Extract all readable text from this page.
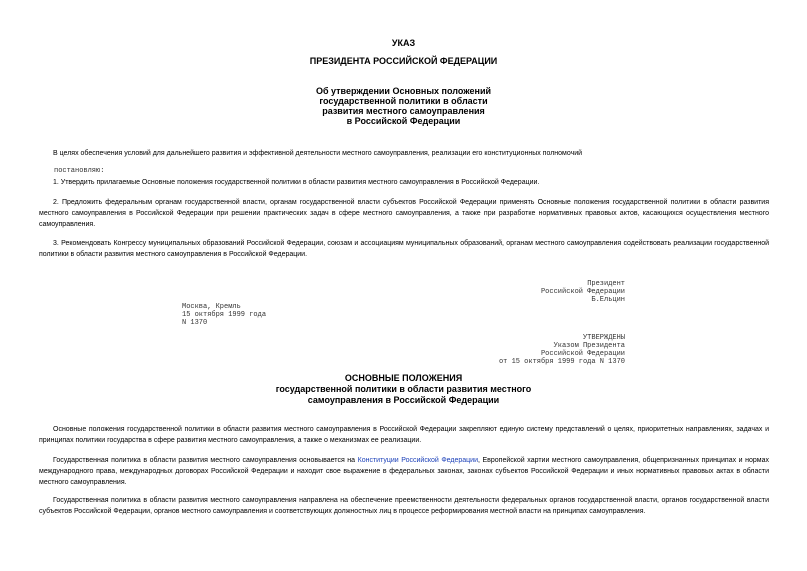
УКАЗ
ПРЕЗИДЕНТА РОССИЙСКОЙ ФЕДЕРАЦИИ
Об утверждении Основных положений
государственной политики в области
развития местного самоуправления
в Российской Федерации
В целях обеспечения условий для дальнейшего развития и эффективной деятельности местного самоуправления, реализации его конституционных полномочий
постановляю:
1. Утвердить прилагаемые Основные положения государственной политики в области развития местного самоуправления в Российской Федерации.
2. Предложить федеральным органам государственной власти, органам государственной власти субъектов Российской Федерации применять Основные положения государственной политики в области развития местного самоуправления в Российской Федерации при решении практических задач в сфере местного самоуправления, а также при разработке нормативных правовых актов, касающихся осуществления местного самоуправления.
3. Рекомендовать Конгрессу муниципальных образований Российской Федерации, союзам и ассоциациям муниципальных образований, органам местного самоуправления содействовать реализации государственной политики в области развития местного самоуправления в Российской Федерации.
Президент
Российской Федерации
Б.Ельцин
Москва, Кремль
15 октября 1999 года
N 1370
УТВЕРЖДЕНЫ
Указом Президента
Российской Федерации
от 15 октября 1999 года N 1370
ОСНОВНЫЕ ПОЛОЖЕНИЯ
государственной политики в области развития местного
самоуправления в Российской Федерации
Основные положения государственной политики в области развития местного самоуправления в Российской Федерации закрепляют единую систему представлений о целях, приоритетных направлениях, задачах и принципах политики государства в сфере развития местного самоуправления, а также о механизмах ее реализации.
Государственная политика в области развития местного самоуправления основывается на Конституции Российской Федерации, Европейской хартии местного самоуправления, общепризнанных принципах и нормах международного права, международных договорах Российской Федерации и находит свое выражение в федеральных законах, законах субъектов Российской Федерации и иных нормативных правовых актах в области местного самоуправления.
Государственная политика в области развития местного самоуправления направлена на обеспечение преемственности деятельности федеральных органов государственной власти, органов государственной власти субъектов Российской Федерации, органов местного самоуправления и соответствующих должностных лиц в процессе реформирования местной власти на принципах самоуправления.
